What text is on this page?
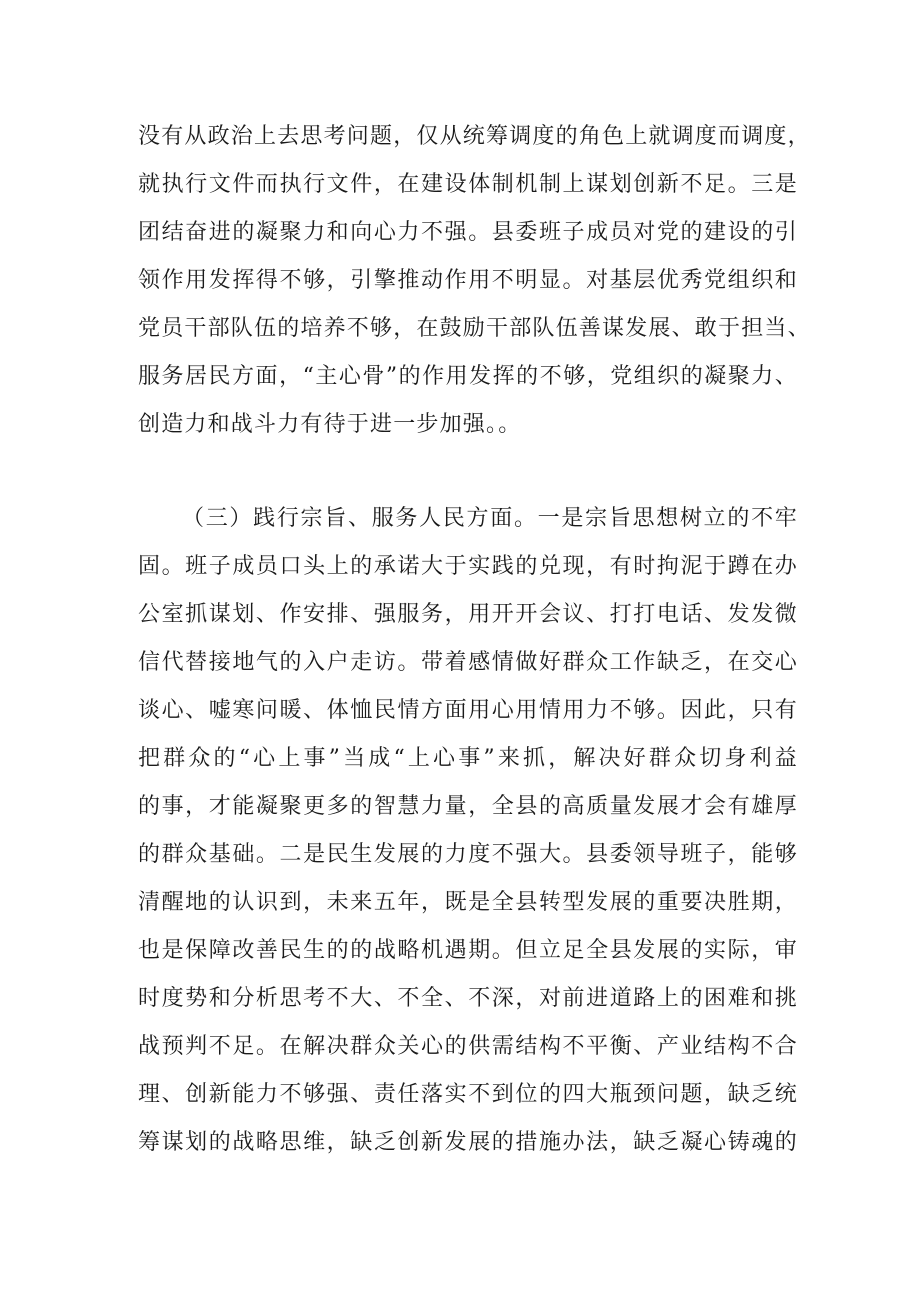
没有从政治上去思考问题，仅从统筹调度的角色上就调度而调度，
就执行文件而执行文件，在建设体制机制上谋划创新不足。三是
团结奋进的凝聚力和向心力不强。县委班子成员对党的建设的引
领作用发挥得不够，引擎推动作用不明显。对基层优秀党组织和
党员干部队伍的培养不够，在鼓励干部队伍善谋发展、敢于担当、
服务居民方面，“主心骨”的作用发挥的不够，党组织的凝聚力、
创造力和战斗力有待于进一步加强。。
（三）践行宗旨、服务人民方面。一是宗旨思想树立的不牢
固。班子成员口头上的承诺大于实践的兑现，有时拘泥于蹲在办
公室抓谋划、作安排、强服务，用开开会议、打打电话、发发微
信代替接地气的入户走访。带着感情做好群众工作缺乏，在交心
谈心、嘘寒问暖、体恤民情方面用心用情用力不够。因此，只有
把群众的“心上事”当成“上心事”来抓，解决好群众切身利益
的事，才能凝聚更多的智慧力量，全县的高质量发展才会有雄厚
的群众基础。二是民生发展的力度不强大。县委领导班子，能够
清醒地的认识到，未来五年，既是全县转型发展的重要决胜期，
也是保障改善民生的的战略机遇期。但立足全县发展的实际，审
时度势和分析思考不大、不全、不深，对前进道路上的困难和挑
战预判不足。在解决群众关心的供需结构不平衡、产业结构不合
理、创新能力不够强、责任落实不到位的四大瓶颈问题，缺乏统
筹谋划的战略思维，缺乏创新发展的措施办法，缺乏凝心铸魂的
